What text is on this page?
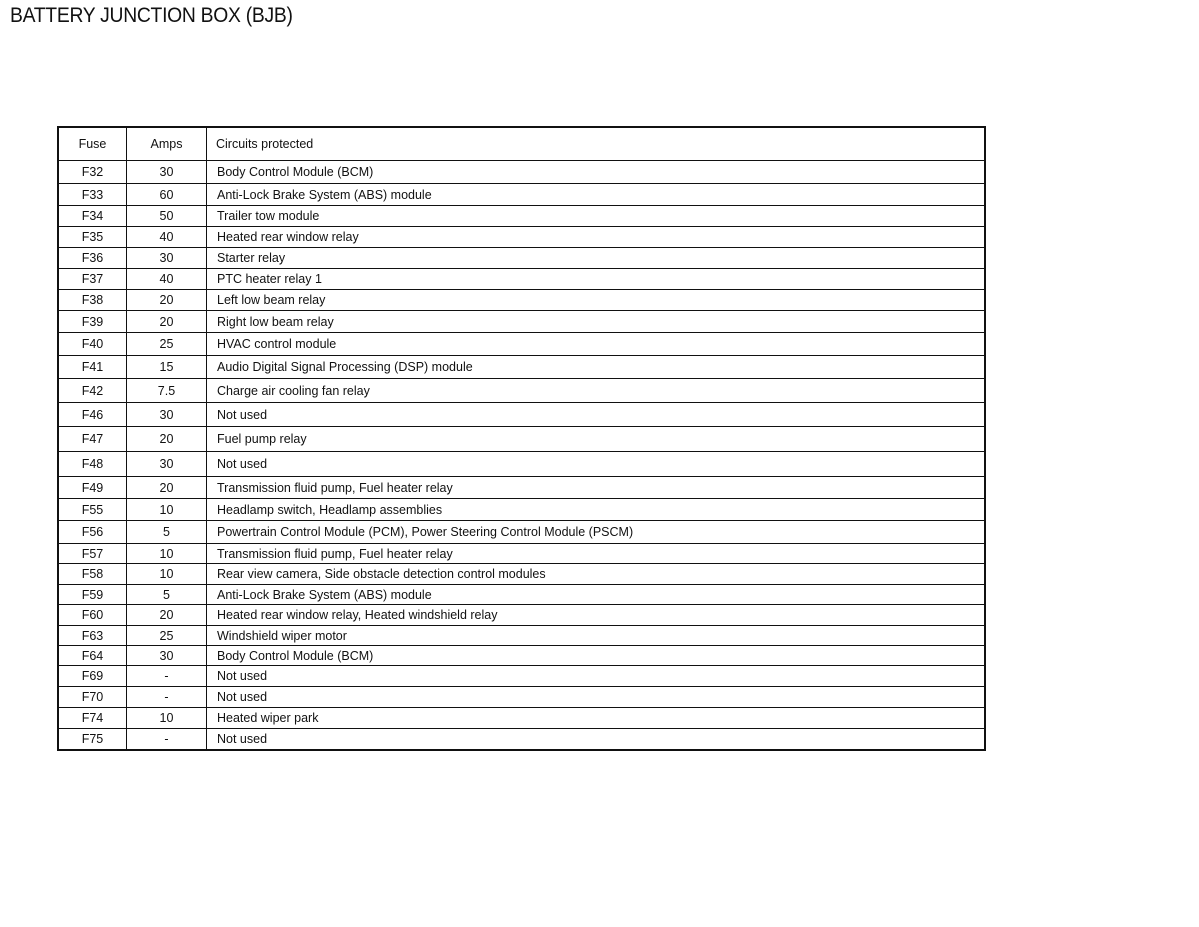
BATTERY JUNCTION BOX (BJB)
Fuse	Amps	Circuits protected
F32	30	Body Control Module (BCM)
F33	60	Anti-Lock Brake System (ABS) module
F34	50	Trailer tow module
F35	40	Heated rear window relay
F36	30	Starter relay
F37	40	PTC heater relay 1
F38	20	Left low beam relay
F39	20	Right low beam relay
F40	25	HVAC control module
F41	15	Audio Digital Signal Processing (DSP) module
F42	7.5	Charge air cooling fan relay
F46	30	Not used
F47	20	Fuel pump relay
F48	30	Not used
F49	20	Transmission fluid pump, Fuel heater relay
F55	10	Headlamp switch, Headlamp assemblies
F56	5	Powertrain Control Module (PCM), Power Steering Control Module (PSCM)
F57	10	Transmission fluid pump, Fuel heater relay
F58	10	Rear view camera, Side obstacle detection control modules
F59	5	Anti-Lock Brake System (ABS) module
F60	20	Heated rear window relay, Heated windshield relay
F63	25	Windshield wiper motor
F64	30	Body Control Module (BCM)
F69	-	Not used
F70	-	Not used
F74	10	Heated wiper park
F75	-	Not used
